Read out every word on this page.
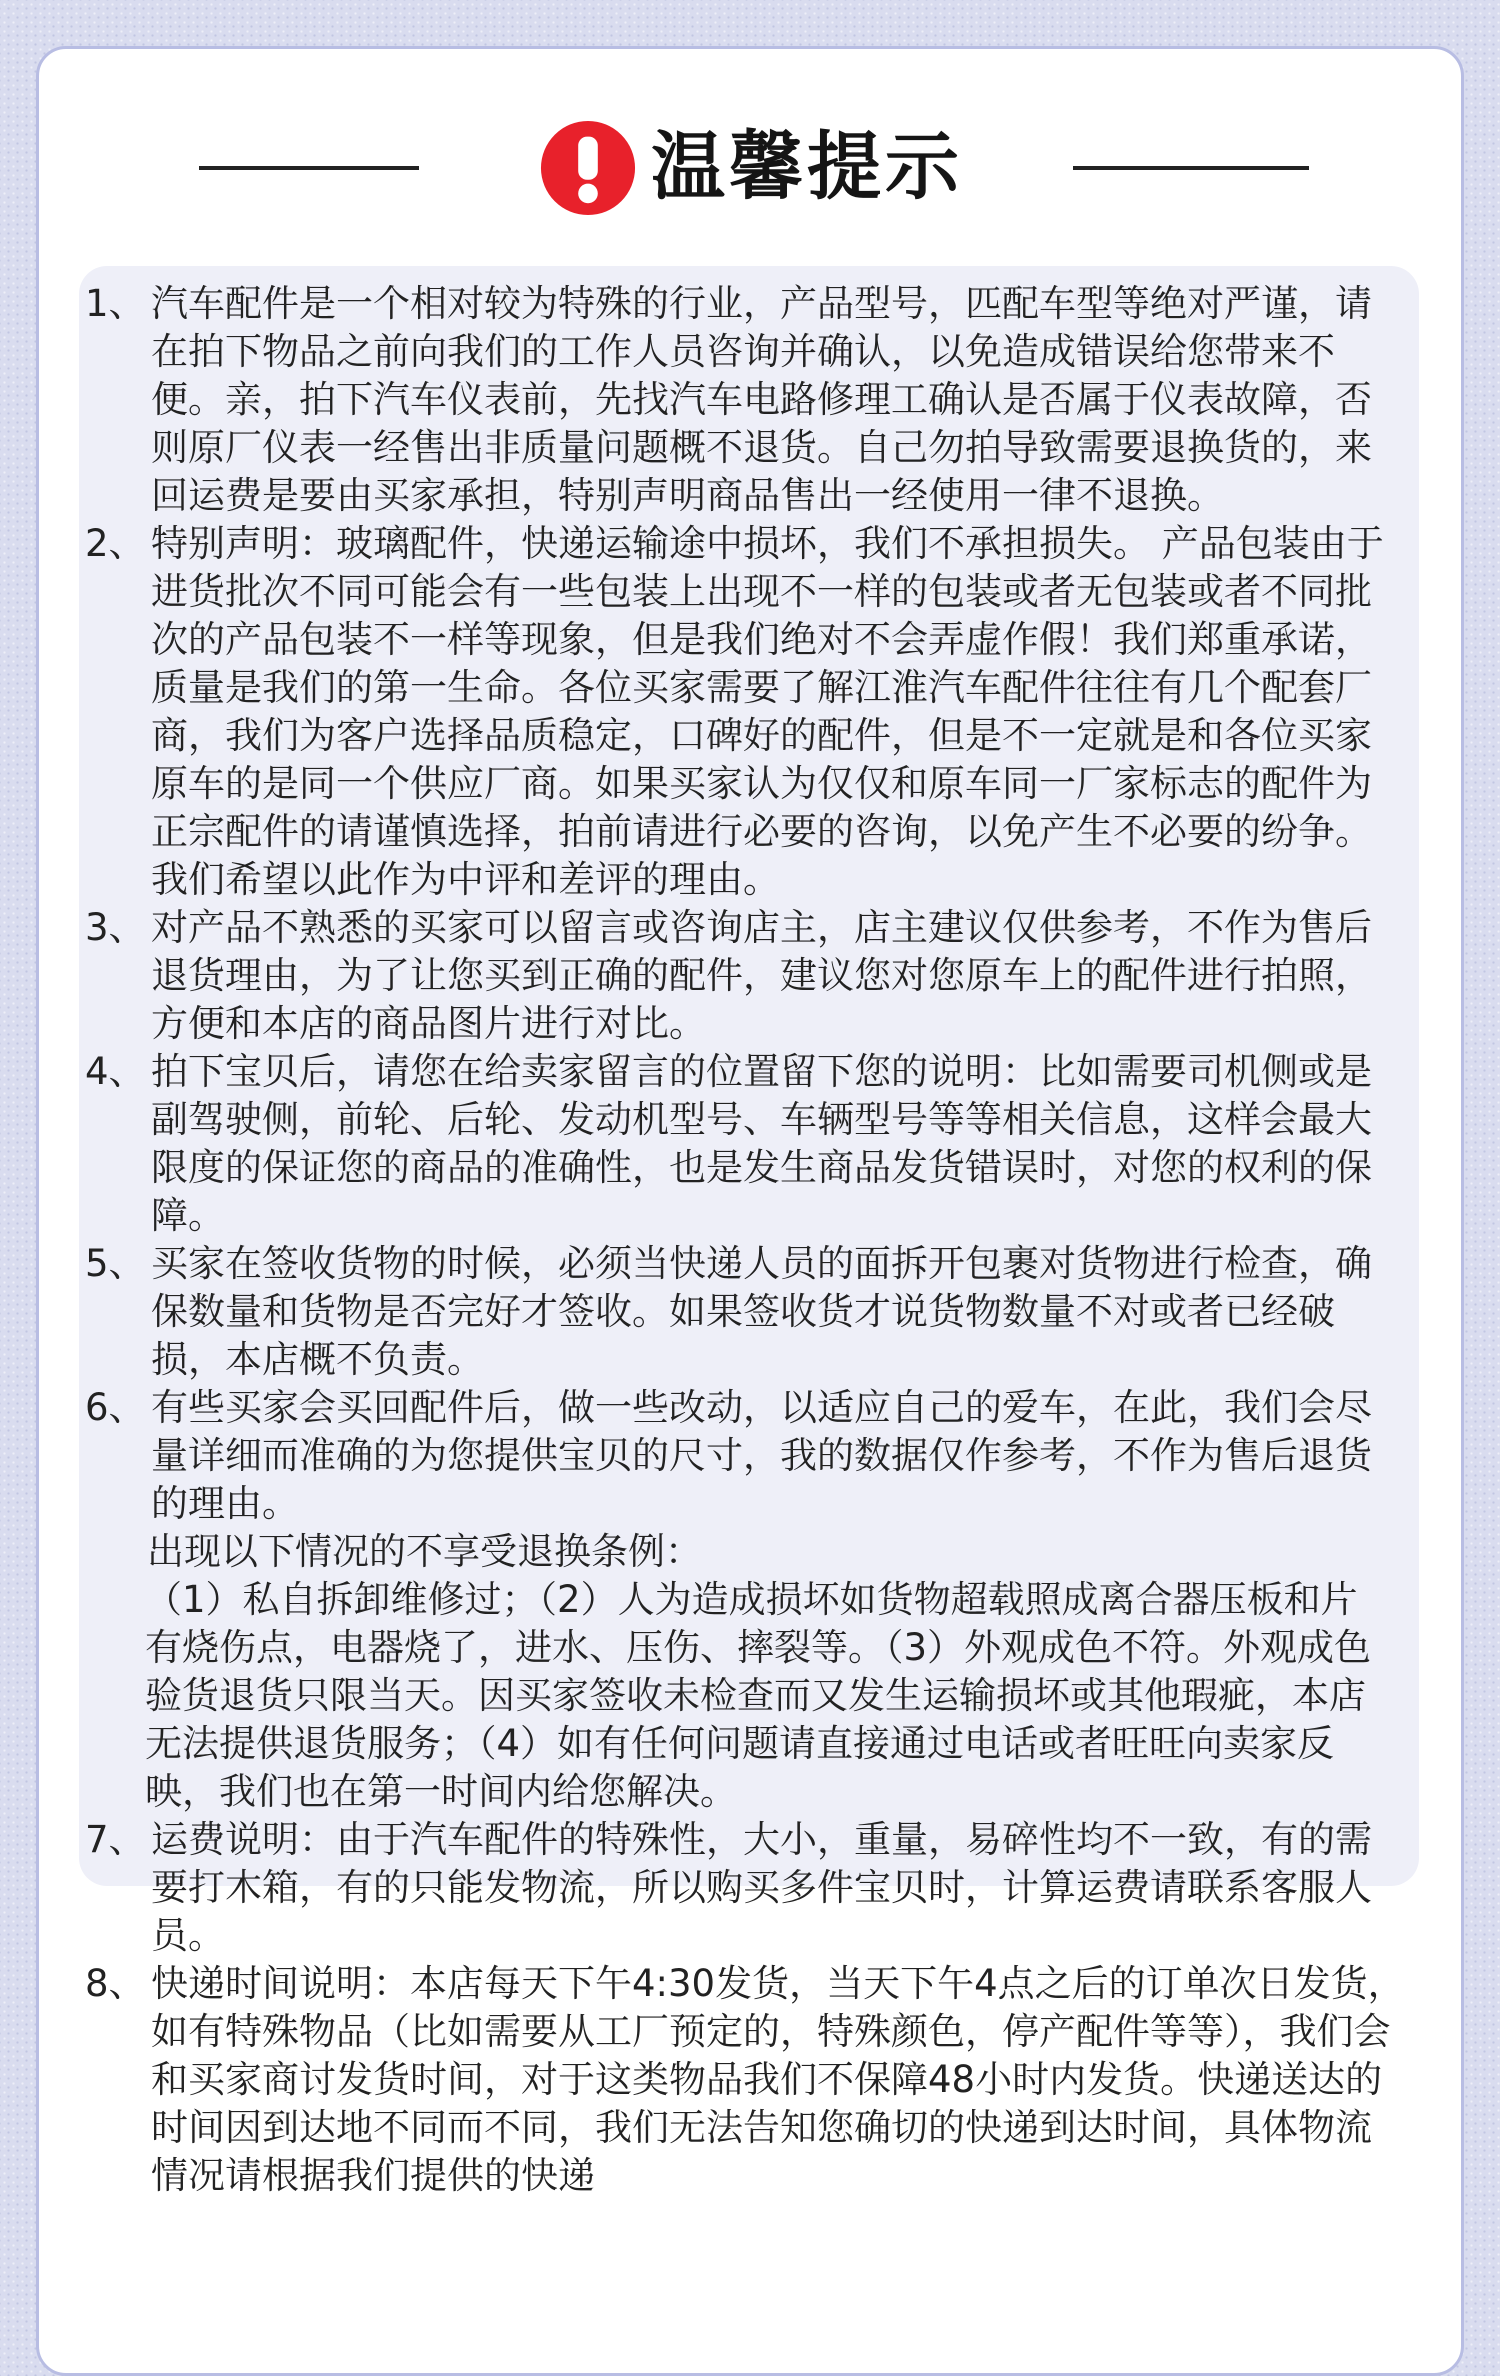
温馨提示
1、 汽车配件是一个相对较为特殊的行业，产品型号，匹配车型等绝对严谨，请在拍下物品之前向我们的工作人员咨询并确认，以免造成错误给您带来不便。亲，拍下汽车仪表前，先找汽车电路修理工确认是否属于仪表故障，否则原厂仪表一经售出非质量问题概不退货。自己勿拍导致需要退换货的，来回运费是要由买家承担，特别声明商品售出一经使用一律不退换。
2、 特别声明：玻璃配件，快递运输途中损坏，我们不承担损失。 产品包装由于进货批次不同可能会有一些包装上出现不一样的包装或者无包装或者不同批次的产品包装不一样等现象，但是我们绝对不会弄虚作假！我们郑重承诺，质量是我们的第一生命。各位买家需要了解江淮汽车配件往往有几个配套厂商，我们为客户选择品质稳定，口碑好的配件，但是不一定就是和各位买家原车的是同一个供应厂商。如果买家认为仅仅和原车同一厂家标志的配件为正宗配件的请谨慎选择，拍前请进行必要的咨询，以免产生不必要的纷争。我们希望以此作为中评和差评的理由。
3、 对产品不熟悉的买家可以留言或咨询店主，店主建议仅供参考，不作为售后退货理由，为了让您买到正确的配件，建议您对您原车上的配件进行拍照，方便和本店的商品图片进行对比。
4、 拍下宝贝后，请您在给卖家留言的位置留下您的说明：比如需要司机侧或是副驾驶侧，前轮、后轮、发动机型号、车辆型号等等相关信息，这样会最大限度的保证您的商品的准确性，也是发生商品发货错误时，对您的权利的保障。
5、 买家在签收货物的时候，必须当快递人员的面拆开包裹对货物进行检查，确保数量和货物是否完好才签收。如果签收货才说货物数量不对或者已经破损，本店概不负责。
6、 有些买家会买回配件后，做一些改动，以适应自己的爱车，在此，我们会尽量详细而准确的为您提供宝贝的尺寸，我的数据仅作参考，不作为售后退货的理由。
出现以下情况的不享受退换条例：
（1）私自拆卸维修过；（2）人为造成损坏如货物超载照成离合器压板和片有烧伤点，电器烧了，进水、压伤、摔裂等。（3）外观成色不符。外观成色验货退货只限当天。因买家签收未检查而又发生运输损坏或其他瑕疵，本店无法提供退货服务；（4）如有任何问题请直接通过电话或者旺旺向卖家反映，我们也在第一时间内给您解决。
7、 运费说明：由于汽车配件的特殊性，大小，重量，易碎性均不一致，有的需要打木箱，有的只能发物流，所以购买多件宝贝时，计算运费请联系客服人员。
8、 快递时间说明：本店每天下午4:30发货，当天下午4点之后的订单次日发货，如有特殊物品（比如需要从工厂预定的，特殊颜色，停产配件等等），我们会和买家商讨发货时间，对于这类物品我们不保障48小时内发货。快递送达的时间因到达地不同而不同，我们无法告知您确切的快递到达时间，具体物流情况请根据我们提供的快递
